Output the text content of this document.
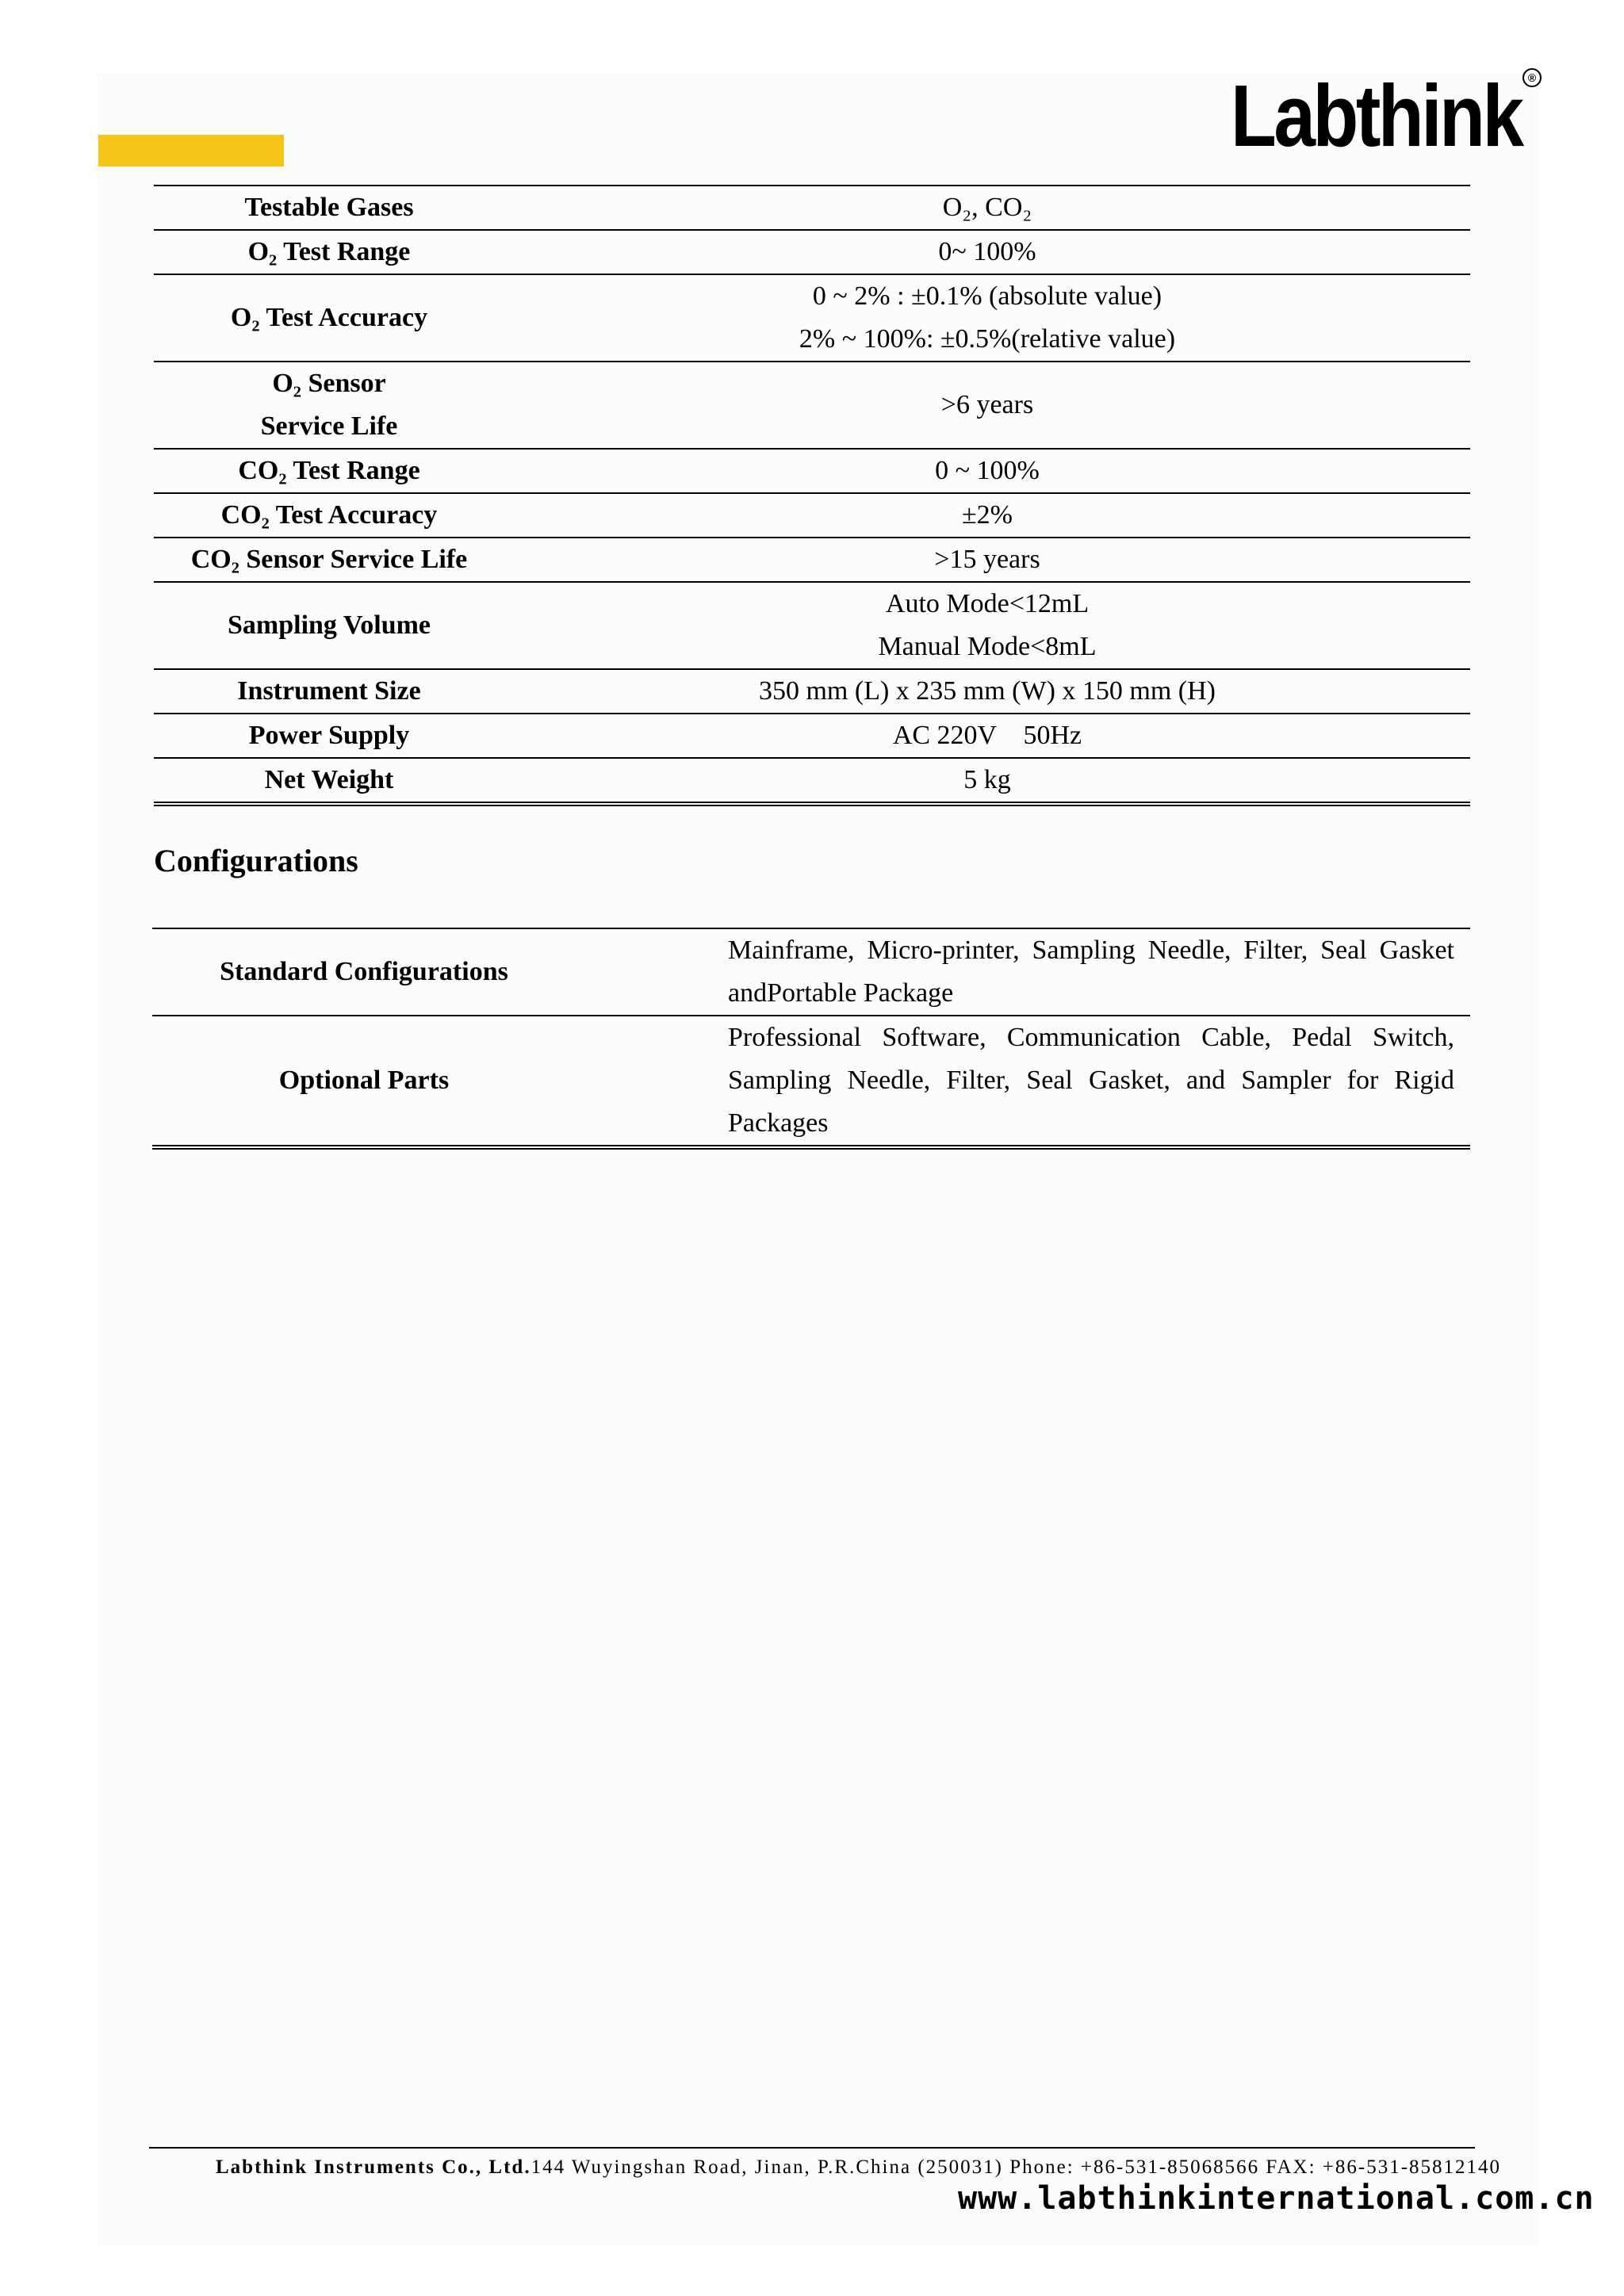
Labthink ®
Testable Gases	O₂, CO₂
O₂ Test Range	0~ 100%
O₂ Test Accuracy	0 ~ 2% : ±0.1% (absolute value)
2% ~ 100%: ±0.5%(relative value)

O₂ Sensor
Service Life	>6 years
CO₂ Test Range	0 ~ 100%
CO₂ Test Accuracy	±2%
CO₂ Sensor Service Life	>15 years
Sampling Volume	Auto Mode<12mL
Manual Mode<8mL

Instrument Size	350 mm (L) x 235 mm (W) x 150 mm (H)
Power Supply	AC 220V    50Hz
Net Weight	5 kg
Configurations
Standard Configurations	Mainframe, Micro-printer, Sampling Needle, Filter, Seal Gasket andPortable Package

Optional Parts	Professional Software, Communication Cable, Pedal Switch, Sampling Needle, Filter, Seal Gasket, and Sampler for Rigid Packages
Labthink Instruments Co., Ltd.144 Wuyingshan Road, Jinan, P.R.China (250031) Phone: +86-531-85068566 FAX: +86-531-85812140
www.labthinkinternational.com.cn
